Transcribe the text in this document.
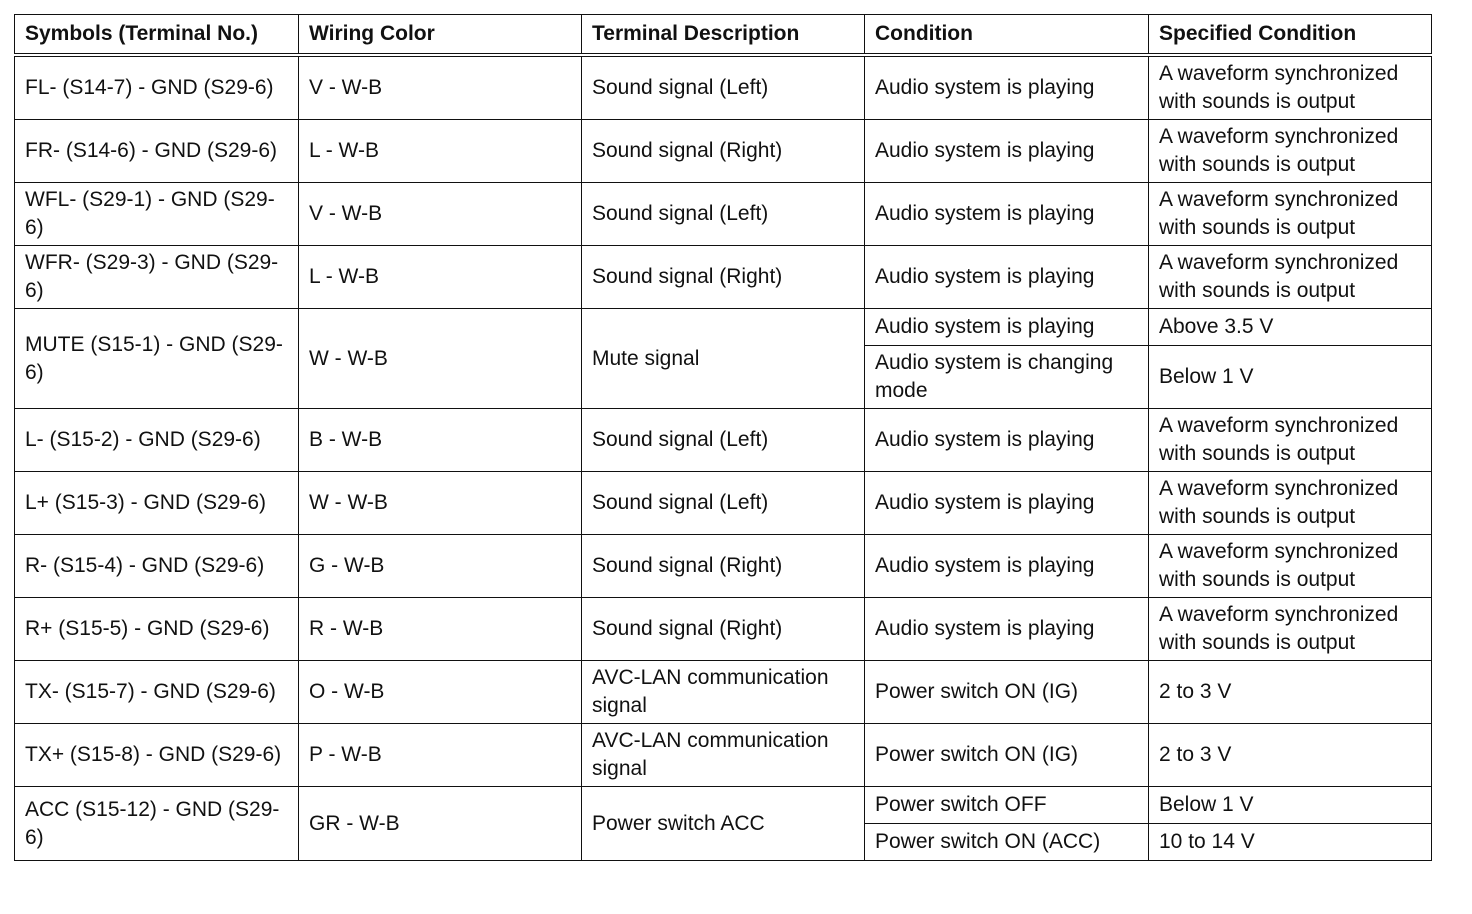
Symbols (Terminal No.)	Wiring Color	Terminal Description	Condition	Specified Condition
FL- (S14-7) - GND (S29-6)	V - W-B	Sound signal (Left)	Audio system is playing	A waveform synchronized with sounds is output
FR- (S14-6) - GND (S29-6)	L - W-B	Sound signal (Right)	Audio system is playing	A waveform synchronized with sounds is output
WFL- (S29-1) - GND (S29-6)	V - W-B	Sound signal (Left)	Audio system is playing	A waveform synchronized with sounds is output
WFR- (S29-3) - GND (S29-6)	L - W-B	Sound signal (Right)	Audio system is playing	A waveform synchronized with sounds is output
MUTE (S15-1) - GND (S29-6)	W - W-B	Mute signal	Audio system is playing	Above 3.5 V
			Audio system is changing mode	Below 1 V
L- (S15-2) - GND (S29-6)	B - W-B	Sound signal (Left)	Audio system is playing	A waveform synchronized with sounds is output
L+ (S15-3) - GND (S29-6)	W - W-B	Sound signal (Left)	Audio system is playing	A waveform synchronized with sounds is output
R- (S15-4) - GND (S29-6)	G - W-B	Sound signal (Right)	Audio system is playing	A waveform synchronized with sounds is output
R+ (S15-5) - GND (S29-6)	R - W-B	Sound signal (Right)	Audio system is playing	A waveform synchronized with sounds is output
TX- (S15-7) - GND (S29-6)	O - W-B	AVC-LAN communication signal	Power switch ON (IG)	2 to 3 V
TX+ (S15-8) - GND (S29-6)	P - W-B	AVC-LAN communication signal	Power switch ON (IG)	2 to 3 V
ACC (S15-12) - GND (S29-6)	GR - W-B	Power switch ACC	Power switch OFF	Below 1 V
			Power switch ON (ACC)	10 to 14 V
